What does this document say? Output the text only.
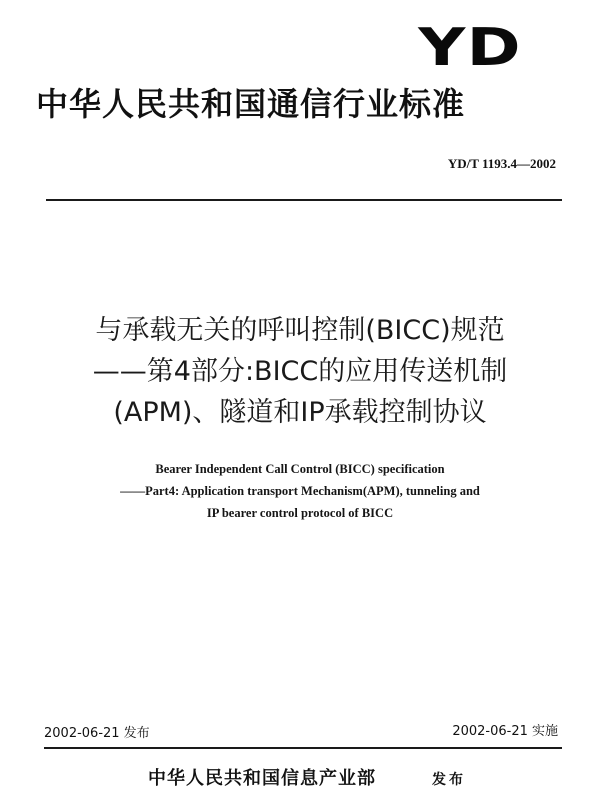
YD
中华人民共和国通信行业标准
YD/T 1193.4—2002
与承载无关的呼叫控制(BICC)规范
——第4部分:BICC的应用传送机制
(APM)、隧道和IP承载控制协议
Bearer Independent Call Control (BICC) specification
——Part4: Application transport Mechanism(APM), tunneling and
IP bearer control protocol of BICC
2002-06-21 发布	2002-06-21 实施
中华人民共和国信息产业部	发布
